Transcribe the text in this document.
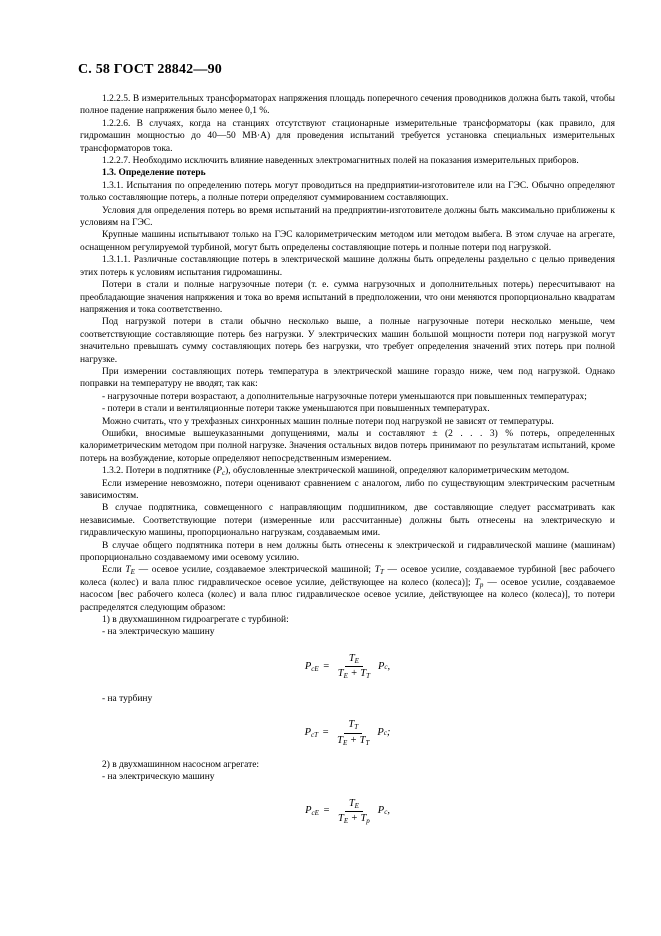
С. 58 ГОСТ 28842—90

1.2.2.5. В измерительных трансформаторах напряжения площадь поперечного сечения проводников должна быть такой, чтобы полное падение напряжения было менее 0,1 %.

1.2.2.6. В случаях, когда на станциях отсутствуют стационарные измерительные трансформаторы (как правило, для гидромашин мощностью до 40—50 МВ·А) для проведения испытаний требуется установка специальных измерительных трансформаторов тока.

1.2.2.7. Необходимо исключить влияние наведенных электромагнитных полей на показания измерительных приборов.

1.3. Определение потерь

1.3.1. Испытания по определению потерь могут проводиться на предприятии-изготовителе или на ГЭС. Обычно определяют только составляющие потерь, а полные потери определяют суммированием составляющих.

Условия для определения потерь во время испытаний на предприятии-изготовителе должны быть максимально приближены к условиям на ГЭС.

Крупные машины испытывают только на ГЭС калориметрическим методом или методом выбега. В этом случае на агрегате, оснащенном регулируемой турбиной, могут быть определены составляющие потерь и полные потери под нагрузкой.

1.3.1.1. Различные составляющие потерь в электрической машине должны быть определены раздельно с целью приведения этих потерь к условиям испытания гидромашины.

Потери в стали и полные нагрузочные потери (т. е. сумма нагрузочных и дополнительных потерь) пересчитывают на преобладающие значения напряжения и тока во время испытаний в предположении, что они меняются пропорционально квадратам напряжения и тока соответственно.

Под нагрузкой потери в стали обычно несколько выше, а полные нагрузочные потери несколько меньше, чем соответствующие составляющие потерь без нагрузки. У электрических машин большой мощности потери под нагрузкой могут значительно превышать сумму составляющих потерь без нагрузки, что требует определения значений этих потерь при полной нагрузке.

При измерении составляющих потерь температура в электрической машине гораздо ниже, чем под нагрузкой. Однако поправки на температуру не вводят, так как:

- нагрузочные потери возрастают, а дополнительные нагрузочные потери уменьшаются при повышенных температурах;

- потери в стали и вентиляционные потери также уменьшаются при повышенных температурах.

Можно считать, что у трехфазных синхронных машин полные потери под нагрузкой не зависят от температуры.

Ошибки, вносимые вышеуказанными допущениями, малы и составляют ± (2 . . . 3) % потерь, определенных калориметрическим методом при полной нагрузке. Значения остальных видов потерь принимают по результатам испытаний, кроме потерь на возбуждение, которые определяют непосредственным измерением.

1.3.2. Потери в подпятнике $(P_c)$, обусловленные электрической машиной, определяют калориметрическим методом.

Если измерение невозможно, потери оценивают сравнением с аналогом, либо по существующим электрическим расчетным зависимостям.

В случае подпятника, совмещенного с направляющим подшипником, две составляющие следует рассматривать как независимые. Соответствующие потери (измеренные или рассчитанные) должны быть отнесены на электрическую и гидравлическую машины, пропорционально нагрузкам, создаваемым ими.

В случае общего подпятника потери в нем должны быть отнесены к электрической и гидравлической машине (машинам) пропорционально создаваемому ими осевому усилию.

Если $T_E$ — осевое усилие, создаваемое электрической машиной; $T_T$ — осевое усилие, создаваемое турбиной [вес рабочего колеса (колес) и вала плюс гидравлическое осевое усилие, действующее на колесо (колеса)]; $T_p$ — осевое усилие, создаваемое насосом [вес рабочего колеса (колес) и вала плюс гидравлическое осевое усилие, действующее на колесо (колеса)], то потери распределятся следующим образом:

1) в двухмашинном гидроагрегате с турбиной:

- на электрическую машину

$P_{cE} = \frac{T_E}{T_E + T_T}$ P c ,

- на турбину

$P_{cT} = \frac{T_T}{T_E + T_T}$ P c ;

2) в двухмашинном насосном агрегате:

- на электрическую машину

$P_{cE} = \frac{T_E}{T_E + T_p}$ P c ,
